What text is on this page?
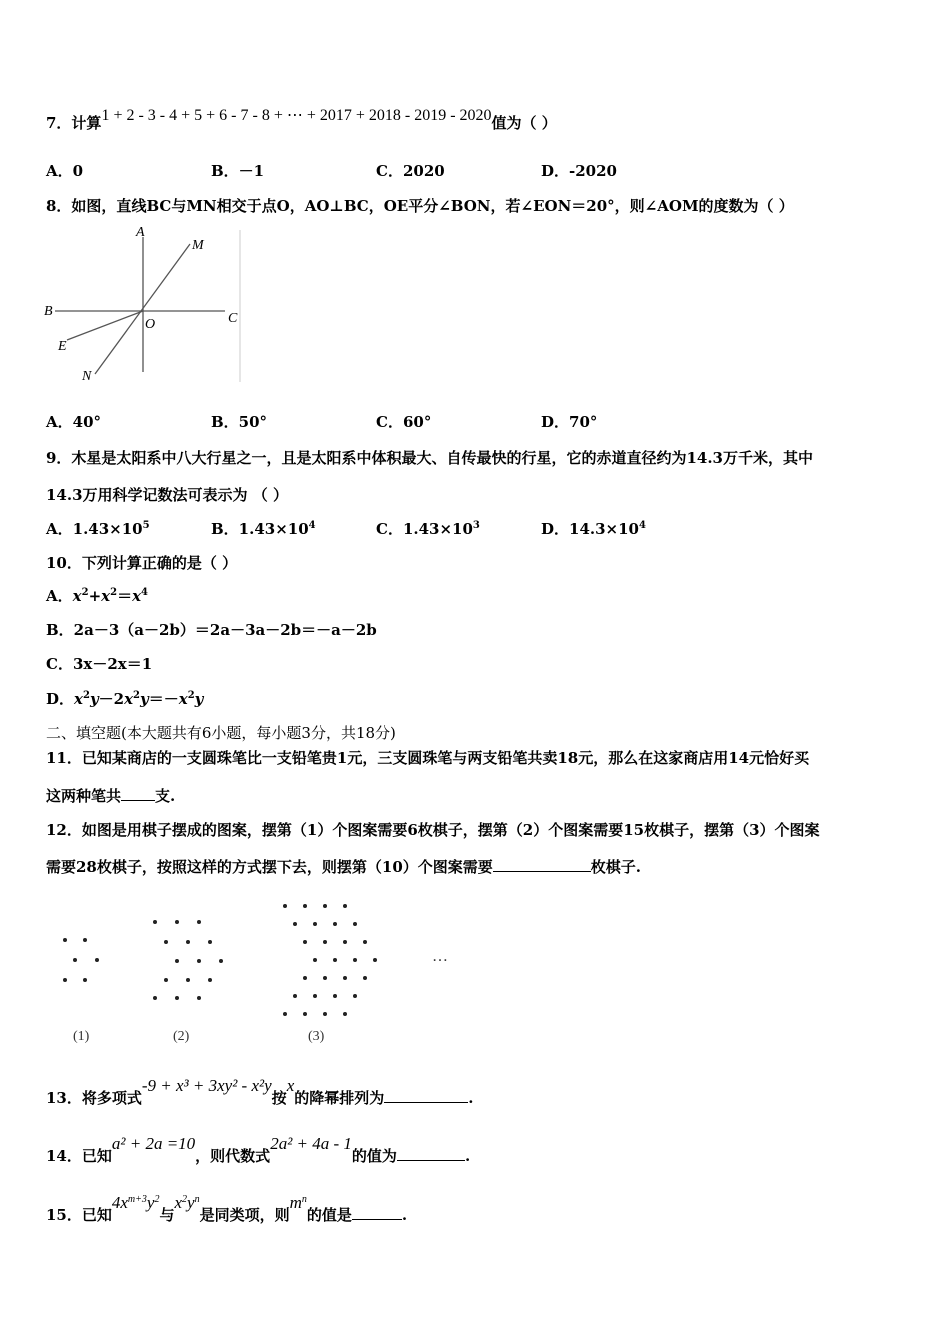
7．计算1 + 2 - 3 - 4 + 5 + 6 - 7 - 8 + ⋯ + 2017 + 2018 - 2019 - 2020值为（ ）
A．0	B．－1	C．2020	D．-2020
8．如图，直线BC与MN相交于点O，AO⊥BC，OE平分∠BON，若∠EON＝20°，则∠AOM的度数为（ ）
A
M
B
O	C
E
N
A．40°	B．50°	C．60°	D．70°
9．木星是太阳系中八大行星之一，且是太阳系中体积最大、自传最快的行星，它的赤道直径约为14.3万千米，其中
14.3万用科学记数法可表示为 （ ）
A．$1.43\times 10^5$	B．$1.43\times 10^4$	C．$1.43\times 10^3$	D．$14.3\times 10^4$
10．下列计算正确的是（ ）
A．$x^2+x^2=x^4$
B．2a－3（a－2b）＝2a－3a－2b＝－a－2b
C．3x－2x＝1
D．$x^2y-2x^2y=-x^2y$
二、填空题(本大题共有6小题，每小题3分，共18分)
11．已知某商店的一支圆珠笔比一支铅笔贵1元，三支圆珠笔与两支铅笔共卖18元，那么在这家商店用14元恰好买
这两种笔共 支.
12．如图是用棋子摆成的图案，摆第（1）个图案需要6枚棋子，摆第（2）个图案需要15枚棋子，摆第（3）个图案
需要28枚棋子，按照这样的方式摆下去，则摆第（10）个图案需要	枚棋子.
…
(1)	(2)	(3)
13．将多项式-9 + x³ + 3xy² - x²y按x的降幂排列为	.
14．已知a² + 2a =10，则代数式2a² + 4a - 1的值为	.
15．已知$4x^{m+3}y^2$与$x^2y^n$是同类项，则$m^n$的值是	.
